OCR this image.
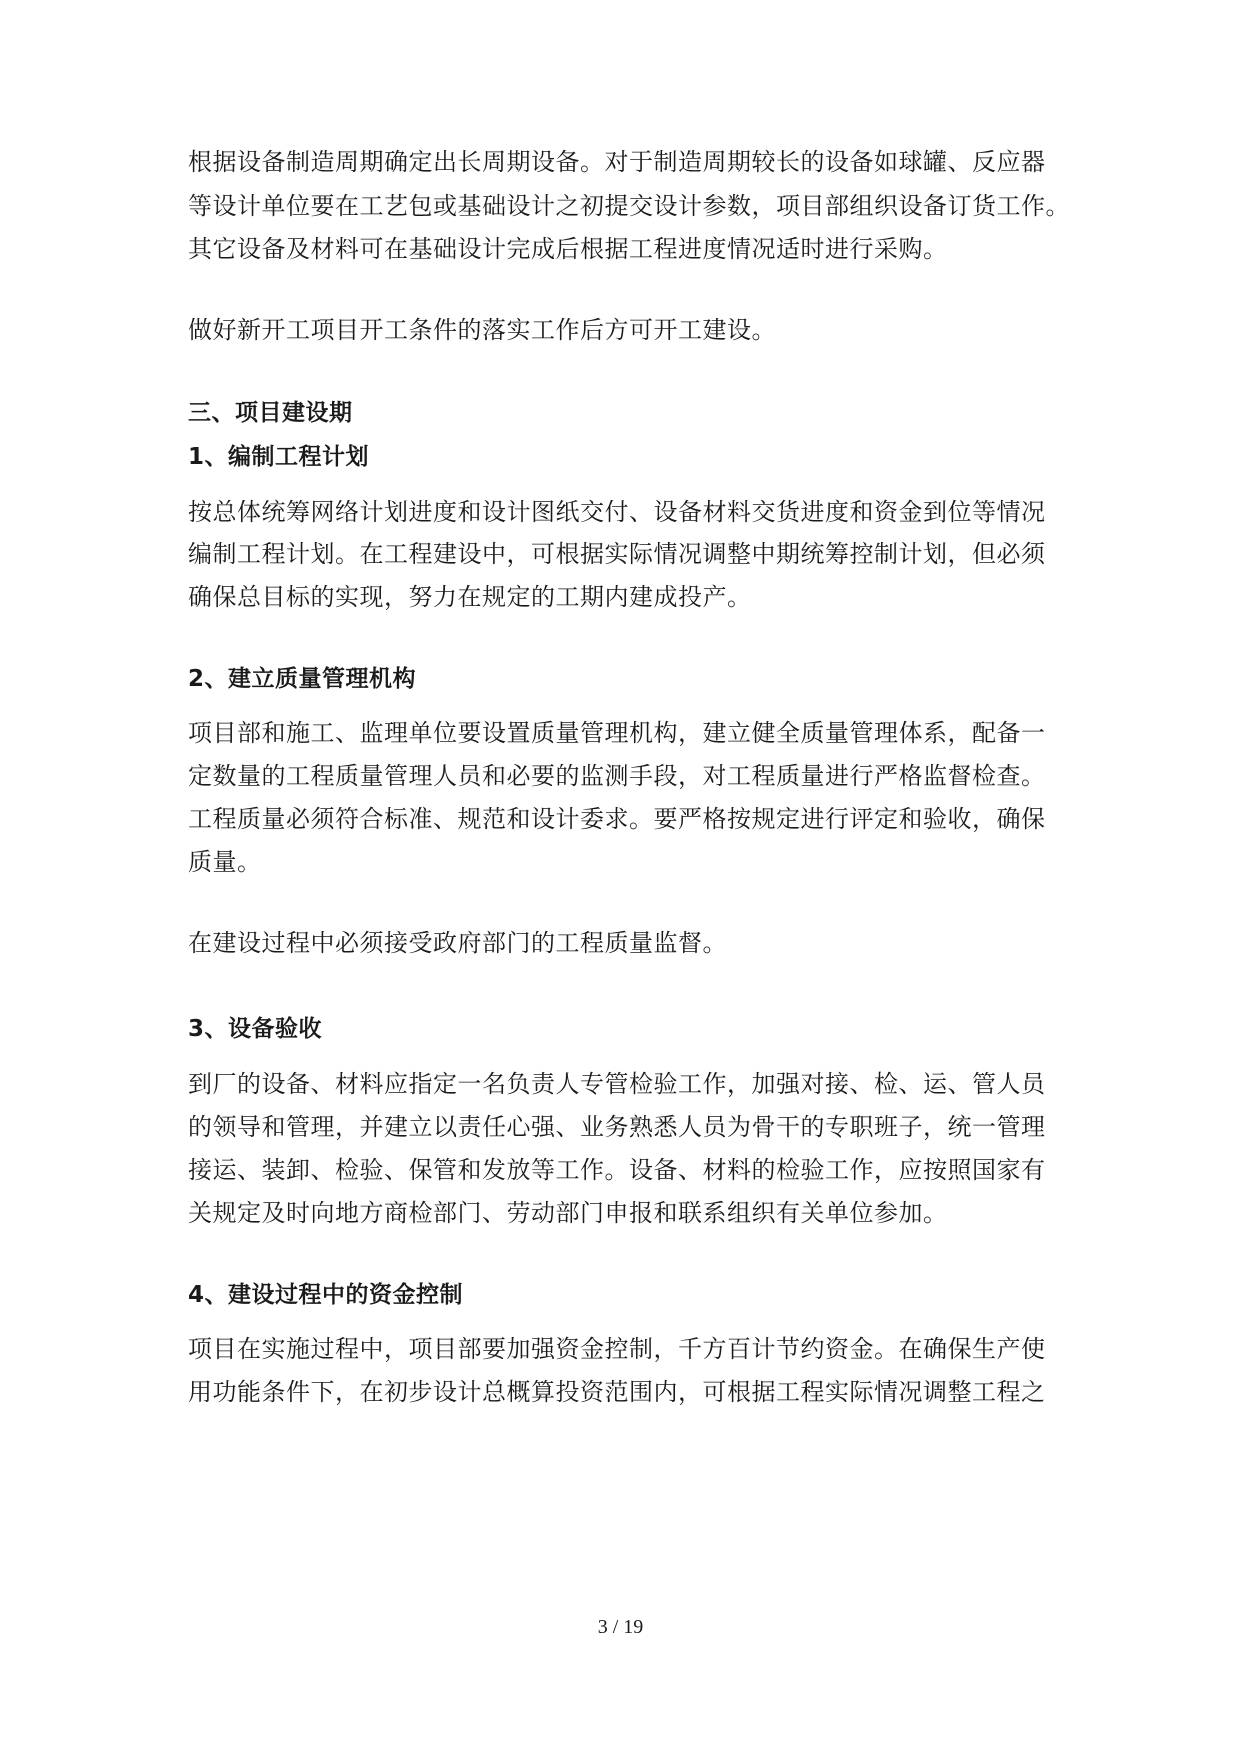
根据设备制造周期确定出长周期设备。对于制造周期较长的设备如球罐、反应器
等设计单位要在工艺包或基础设计之初提交设计参数，项目部组织设备订货工作。
其它设备及材料可在基础设计完成后根据工程进度情况适时进行采购。
做好新开工项目开工条件的落实工作后方可开工建设。
三、项目建设期
1、编制工程计划
按总体统筹网络计划进度和设计图纸交付、设备材料交货进度和资金到位等情况
编制工程计划。在工程建设中，可根据实际情况调整中期统筹控制计划，但必须
确保总目标的实现，努力在规定的工期内建成投产。
2、建立质量管理机构
项目部和施工、监理单位要设置质量管理机构，建立健全质量管理体系，配备一
定数量的工程质量管理人员和必要的监测手段，对工程质量进行严格监督检查。
工程质量必须符合标准、规范和设计委求。要严格按规定进行评定和验收，确保
质量。
在建设过程中必须接受政府部门的工程质量监督。
3、设备验收
到厂的设备、材料应指定一名负责人专管检验工作，加强对接、检、运、管人员
的领导和管理，并建立以责任心强、业务熟悉人员为骨干的专职班子，统一管理
接运、装卸、检验、保管和发放等工作。设备、材料的检验工作，应按照国家有
关规定及时向地方商检部门、劳动部门申报和联系组织有关单位参加。
4、建设过程中的资金控制
项目在实施过程中，项目部要加强资金控制，千方百计节约资金。在确保生产使
用功能条件下，在初步设计总概算投资范围内，可根据工程实际情况调整工程之
3 / 19
